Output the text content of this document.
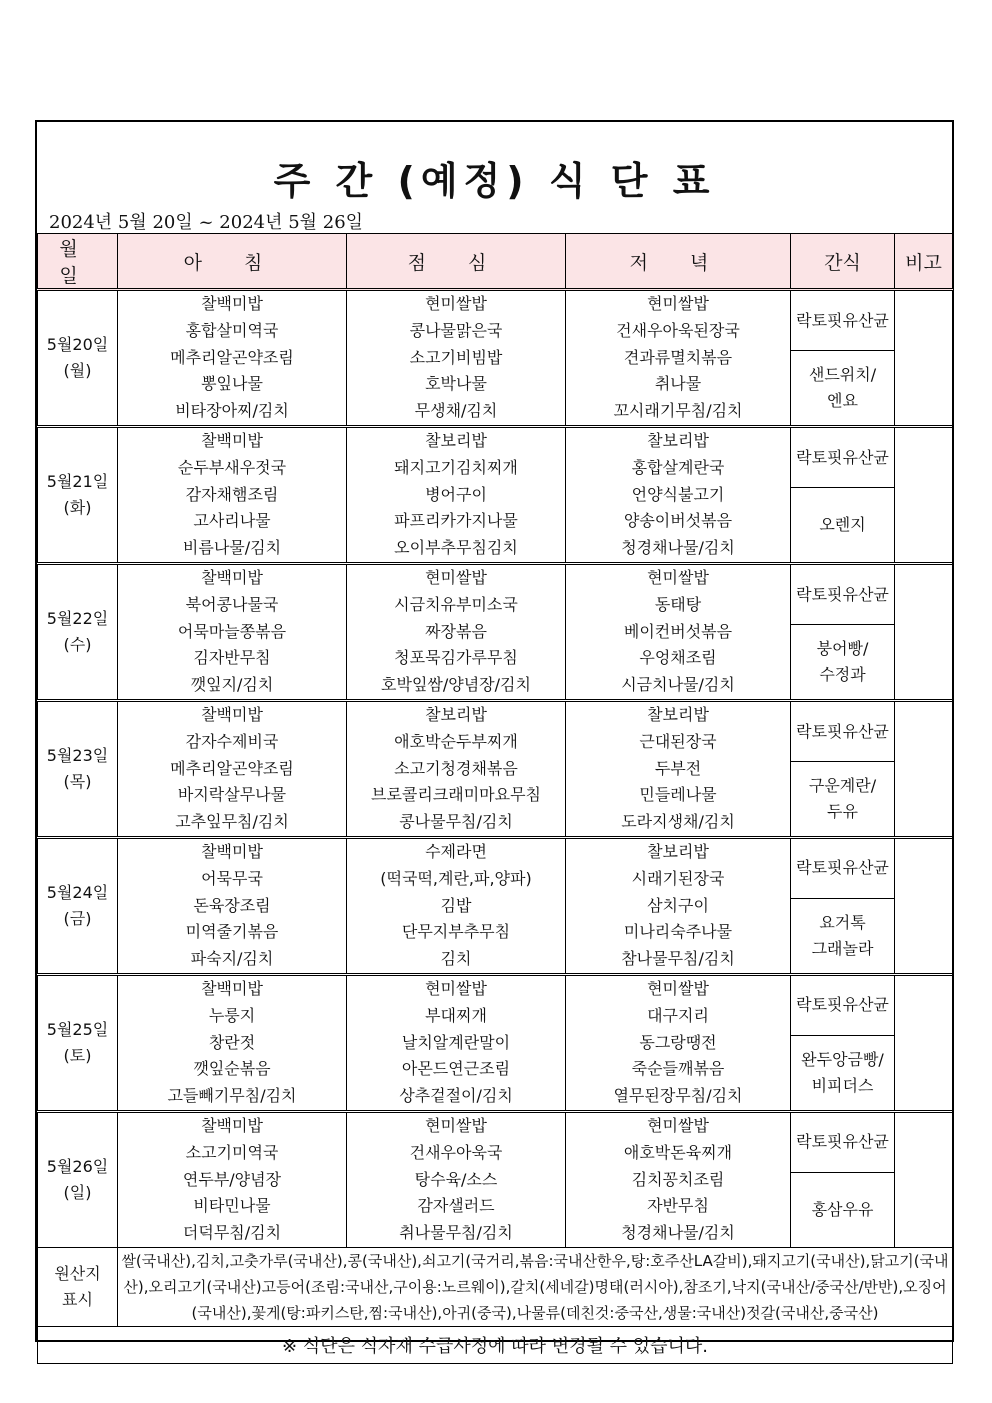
주 간 (예정) 식 단 표
2024년 5월 20일 ~ 2024년 5월 26일
월 일	아 침	점 심	저 녁	간식	비고

5월20일
(월)	찰백미밥
홍합살미역국
메추리알곤약조림
뽕잎나물
비타장아찌/김치	현미쌀밥
콩나물맑은국
소고기비빔밥
호박나물
무생채/김치	현미쌀밥
건새우아욱된장국
견과류멸치볶음
취나물
꼬시래기무침/김치	락토핏유산균	

				샌드위치/
엔요	

5월21일
(화)	찰백미밥
순두부새우젓국
감자채햄조림
고사리나물
비름나물/김치	찰보리밥
돼지고기김치찌개
병어구이
파프리카가지나물
오이부추무침김치	찰보리밥
홍합살계란국
언양식불고기
양송이버섯볶음
청경채나물/김치	락토핏유산균	

				오렌지	

5월22일
(수)	찰백미밥
북어콩나물국
어묵마늘쫑볶음
김자반무침
깻잎지/김치	현미쌀밥
시금치유부미소국
짜장볶음
청포묵김가루무침
호박잎쌈/양념장/김치	현미쌀밥
동태탕
베이컨버섯볶음
우엉채조림
시금치나물/김치	락토핏유산균	

				붕어빵/
수정과	

5월23일
(목)	찰백미밥
감자수제비국
메추리알곤약조림
바지락살무나물
고추잎무침/김치	찰보리밥
애호박순두부찌개
소고기청경채볶음
브로콜리크래미마요무침
콩나물무침/김치	찰보리밥
근대된장국
두부전
민들레나물
도라지생채/김치	락토핏유산균	

				구운계란/
두유	

5월24일
(금)	찰백미밥
어묵무국
돈육장조림
미역줄기볶음
파숙지/김치	수제라면
(떡국떡,계란,파,양파)
김밥
단무지부추무침
김치	찰보리밥
시래기된장국
삼치구이
미나리숙주나물
참나물무침/김치	락토핏유산균	

				요거톡
그래놀라	

5월25일
(토)	찰백미밥
누룽지
창란젓
깻잎순볶음
고들빼기무침/김치	현미쌀밥
부대찌개
날치알계란말이
아몬드연근조림
상추겉절이/김치	현미쌀밥
대구지리
동그랑땡전
죽순들깨볶음
열무된장무침/김치	락토핏유산균	

				완두앙금빵/
비피더스	

5월26일
(일)	찰백미밥
소고기미역국
연두부/양념장
비타민나물
더덕무침/김치	현미쌀밥
건새우아욱국
탕수육/소스
감자샐러드
취나물무침/김치	현미쌀밥
애호박돈육찌개
김치꽁치조림
자반무침
청경채나물/김치	락토핏유산균	

				홍삼우유	

원산지
표시	쌀(국내산),김치,고춧가루(국내산),콩(국내산),쇠고기(국거리,볶음:국내산한우,탕:호주산LA갈비),돼지고기(국내산),닭고기(국내산),오리고기(국내산)고등어(조림:국내산,구이용:노르웨이),갈치(세네갈)명태(러시아),참조기,낙지(국내산/중국산/반반),오징어(국내산),꽃게(탕:파키스탄,찜:국내산),아귀(중국),나물류(데친것:중국산,생물:국내산)젓갈(국내산,중국산)				
※ 식단은 식자재 수급사정에 따라 변경될 수 있습니다.					
